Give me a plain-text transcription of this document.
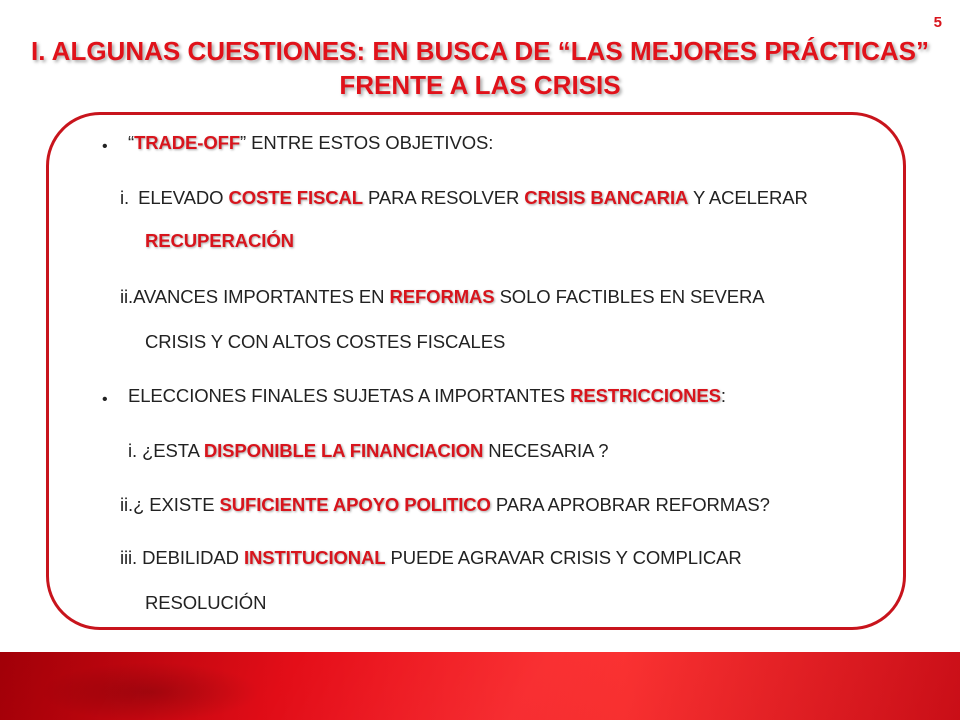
5
I. ALGUNAS CUESTIONES: EN BUSCA DE “LAS MEJORES PRÁCTICAS”
FRENTE A LAS CRISIS
• “TRADE-OFF” ENTRE ESTOS OBJETIVOS:
i. ELEVADO COSTE FISCAL PARA RESOLVER CRISIS BANCARIA Y ACELERAR
RECUPERACIÓN
ii.AVANCES IMPORTANTES EN REFORMAS SOLO FACTIBLES EN SEVERA
CRISIS Y CON ALTOS COSTES FISCALES
• ELECCIONES FINALES SUJETAS A IMPORTANTES RESTRICCIONES:
i. ¿ESTA DISPONIBLE LA FINANCIACION NECESARIA ?
ii.¿ EXISTE SUFICIENTE APOYO POLITICO PARA APROBRAR REFORMAS?
iii. DEBILIDAD INSTITUCIONAL PUEDE AGRAVAR CRISIS Y COMPLICAR
RESOLUCIÓN
